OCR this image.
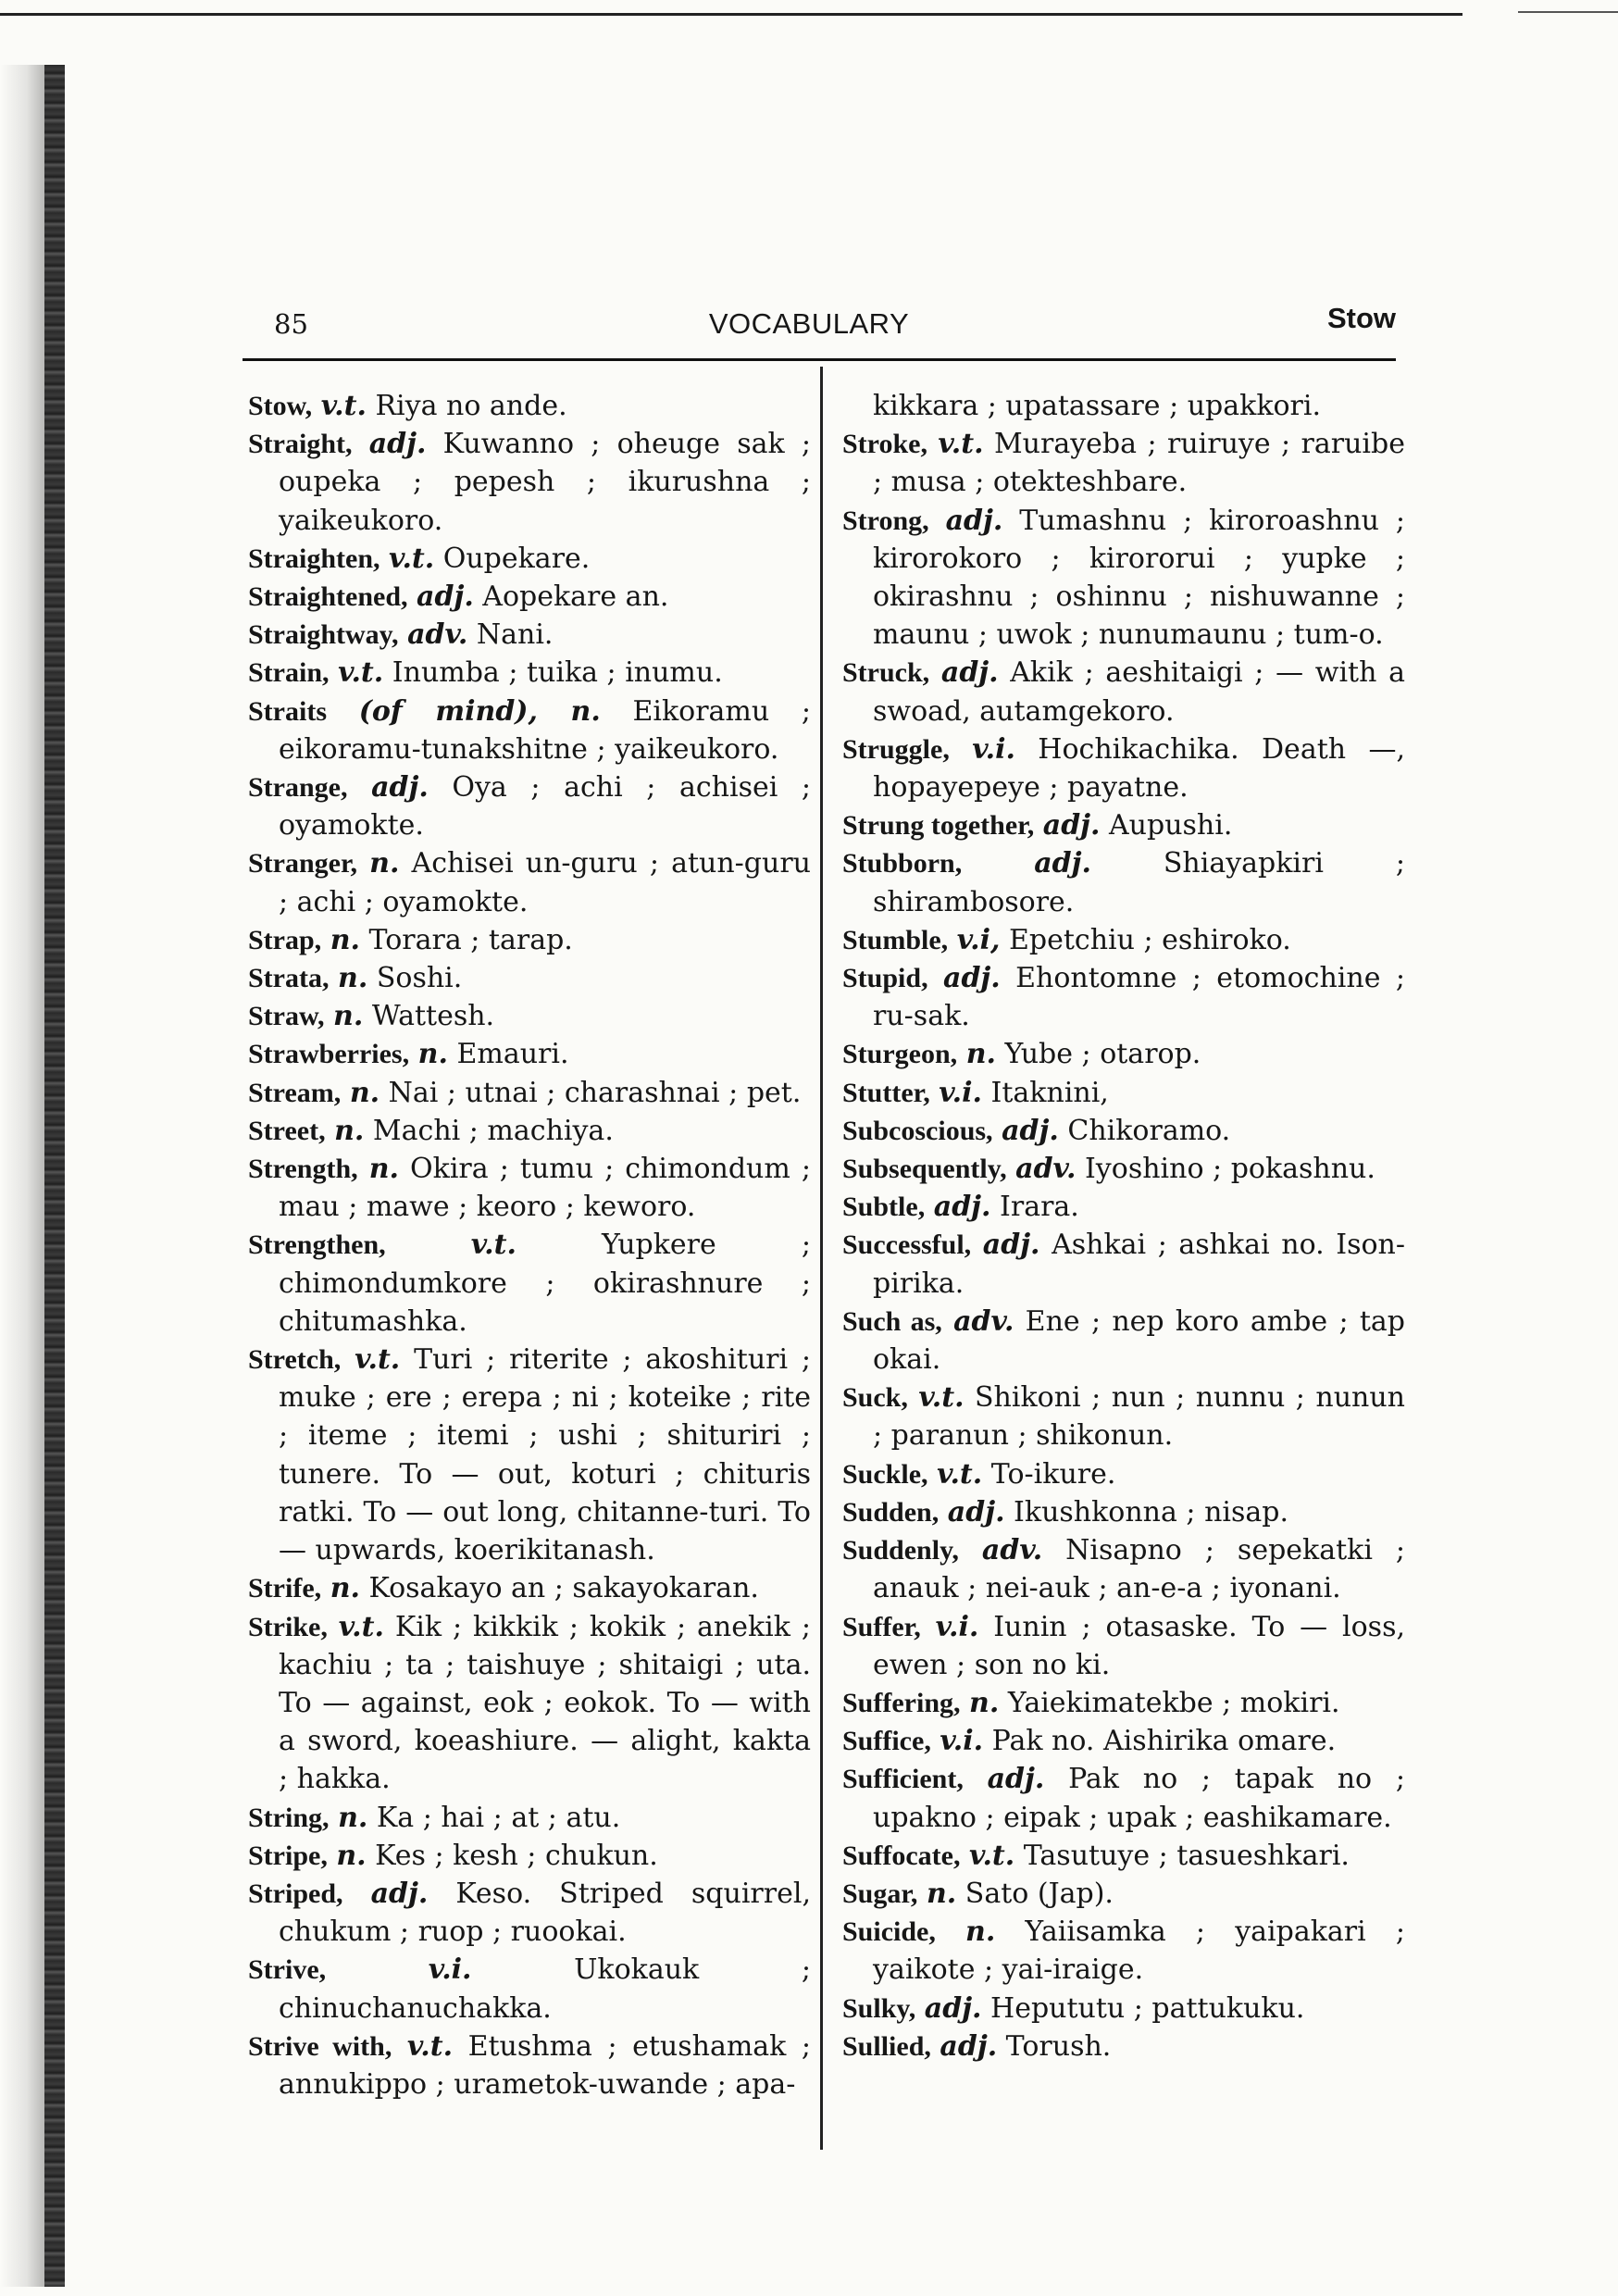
85	VOCABULARY	Stow
Stow, v.t. Riya no ande.
Straight, adj. Kuwanno ; oheuge sak ; oupeka ; pepesh ; ikurushna ; yaikeukoro.
Straighten, v.t. Oupekare.
Straightened, adj. Aopekare an.
Straightway, adv. Nani.
Strain, v.t. Inumba ; tuika ; inumu.
Straits (of mind), n. Eikoramu ; eikoramu-tunakshitne ; yaikeukoro.
Strange, adj. Oya ; achi ; achisei ; oyamokte.
Stranger, n. Achisei un-guru ; atun-guru ; achi ; oyamokte.
Strap, n. Torara ; tarap.
Strata, n. Soshi.
Straw, n. Wattesh.
Strawberries, n. Emauri.
Stream, n. Nai ; utnai ; charashnai ; pet.
Street, n. Machi ; machiya.
Strength, n. Okira ; tumu ; chimondum ; mau ; mawe ; keoro ; keworo.
Strengthen,	v.t. Yupkere ; chimondumkore ; okirashnure ; chitumashka.
Stretch, v.t. Turi ; riterite ; akoshituri ; muke ; ere ; erepa ; ni ; koteike ; rite ; iteme ; itemi ; ushi ; shituriri ; tunere. To — out, koturi ; chituris ratki. To — out long, chitanne-turi. To — upwards, koerikitanash.
Strife, n. Kosakayo an ; sakayokaran.
Strike, v.t. Kik ; kikkik ; kokik ; anekik ; kachiu ; ta ; taishuye ; shitaigi ; uta. To — against, eok ; eokok. To — with a sword, koeashiure. — alight, kakta ; hakka.
String, n. Ka ; hai ; at ; atu.
Stripe, n. Kes ; kesh ; chukun.
Striped, adj. Keso. Striped squirrel, chukum ; ruop ; ruookai.
Strive,	v.i. Ukokauk ; chinuchanuchakka.
Strive with, v.t. Etushma ; etushamak ; annukippo ; urametok-uwande ; apa-
kikkara ; upatassare ; upakkori.
Stroke, v.t. Murayeba ; ruiruye ; raruibe ; musa ; otekteshbare.
Strong, adj. Tumashnu ; kiroroashnu ; kirorokoro ; kirororui ; yupke ; okirashnu ; oshinnu ; nishuwanne ; maunu ; uwok ; nunumaunu ; tum-o.
Struck, adj. Akik ; aeshitaigi ; — with a swoad, autamgekoro.
Struggle, v.i. Hochikachika. Death —, hopayepeye ; payatne.
Strung together, adj. Aupushi.
Stubborn,	adj. Shiayapkiri ; shirambosore.
Stumble, v.i, Epetchiu ; eshiroko.
Stupid, adj. Ehontomne ; etomochine ; ru-sak.
Sturgeon, n. Yube ; otarop.
Stutter, v.i. Itaknini,
Subcoscious, adj. Chikoramo.
Subsequently, adv. Iyoshino ; pokashnu.
Subtle, adj. Irara.
Successful, adj. Ashkai ; ashkai no. Ison-pirika.
Such as, adv. Ene ; nep koro ambe ; tap okai.
Suck, v.t. Shikoni ; nun ; nunnu ; nunun ; paranun ; shikonun.
Suckle, v.t. To-ikure.
Sudden, adj. Ikushkonna ; nisap.
Suddenly, adv. Nisapno ; sepekatki ; anauk ; nei-auk ; an-e-a ; iyonani.
Suffer, v.i. Iunin ; otasaske. To — loss, ewen ; son no ki.
Suffering, n. Yaiekimatekbe ; mokiri.
Suffice, v.i. Pak no. Aishirika omare.
Sufficient, adj. Pak no ; tapak no ; upakno ; eipak ; upak ; eashikamare.
Suffocate, v.t. Tasutuye ; tasueshkari.
Sugar, n. Sato (Jap).
Suicide, n. Yaiisamka ; yaipakari ; yaikote ; yai-iraige.
Sulky, adj. Hepututu ; pattukuku.
Sullied, adj. Torush.
